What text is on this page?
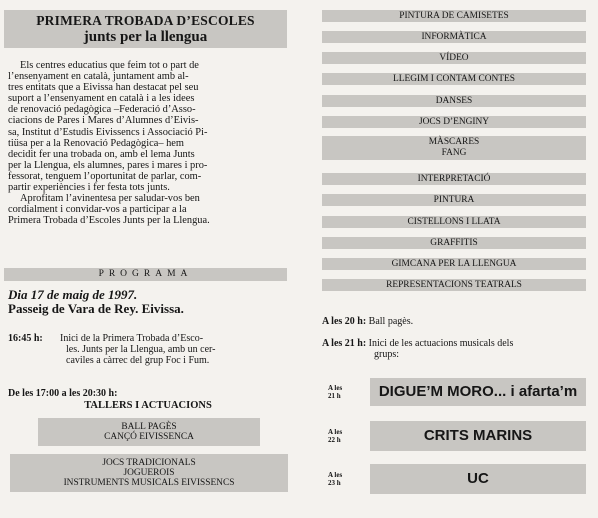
PRIMERA TROBADA D’ESCOLES
junts per la llengua
Els centres educatius que feim tot o part de
l’ensenyament en català, juntament amb al-
tres entitats que a Eivissa han destacat pel seu
suport a l’ensenyament en català i a les idees
de renovació pedagògica –Federació d’Asso-
ciacions de Pares i Mares d’Alumnes d’Eivis-
sa, Institut d’Estudis Eivissencs i Associació Pi-
tiüsa per a la Renovació Pedagògica– hem
decidit fer una trobada on, amb el lema Junts
per la Llengua, els alumnes, pares i mares i pro-
fessorat, tenguem l’oportunitat de parlar, com-
partir experiències i fer festa tots junts.
Aprofitam l’avinentesa per saludar-vos ben
cordialment i convidar-vos a participar a la
Primera Trobada d’Escoles Junts per la Llengua.
PROGRAMA
Dia 17 de maig de 1997.
Passeig de Vara de Rey. Eivissa.
16:45 h: Inici de la Primera Trobada d’Esco-
les. Junts per la Llengua, amb un cer-
caviles a càrrec del grup Foc i Fum.
De les 17:00 a les 20:30 h:
TALLERS I ACTUACIONS
BALL PAGÈS
CANÇÓ EIVISSENCA
JOCS TRADICIONALS
JOGUEROIS
INSTRUMENTS MUSICALS EIVISSENCS
PINTURA DE CAMISETES
INFORMÀTICA
VÍDEO
LLEGIM I CONTAM CONTES
DANSES
JOCS D’ENGINY
MÀSCARES
FANG
INTERPRETACIÓ
PINTURA
CISTELLONS I LLATA
GRAFFITIS
GIMCANA PER LA LLENGUA
REPRESENTACIONS TEATRALS
A les 20 h: Ball pagès.
A les 21 h: Inici de les actuacions musicals dels
grups:
A les
21 h	DIGUE’M MORO... i afarta’m
A les
22 h	CRITS MARINS
A les
23 h	UC
